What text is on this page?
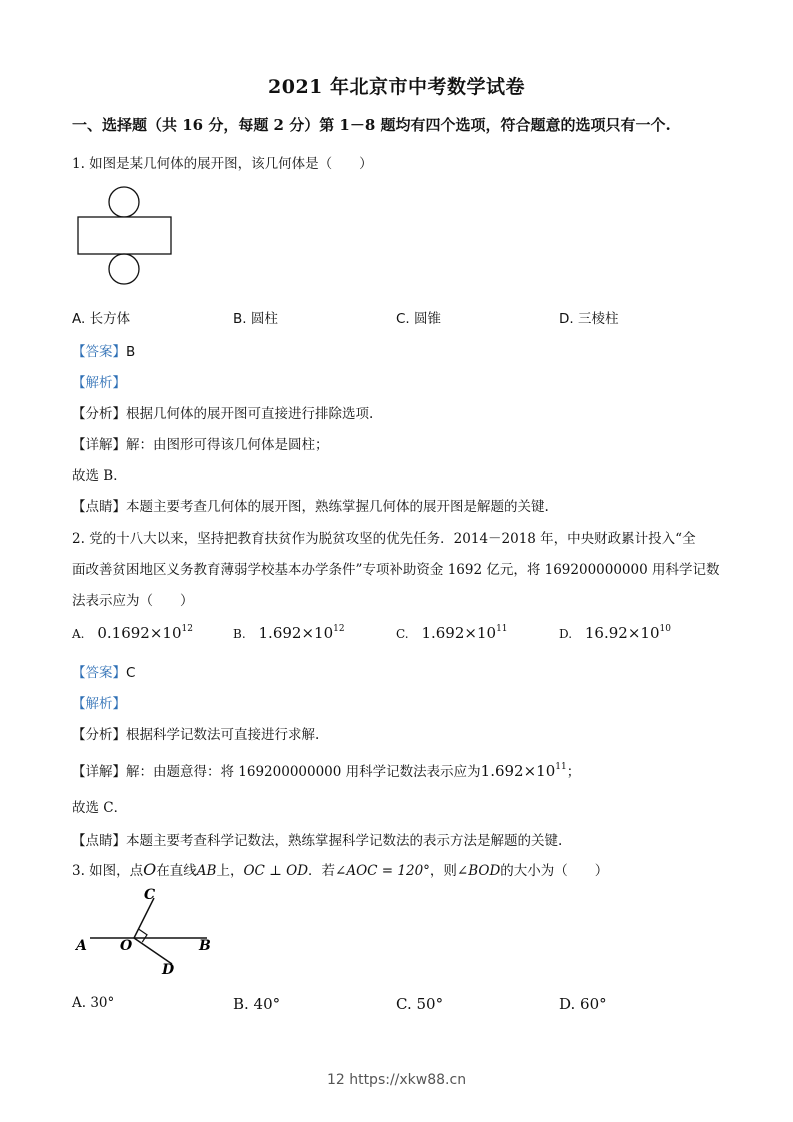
2021 年北京市中考数学试卷
一、选择题（共 16 分，每题 2 分）第 1－8 题均有四个选项，符合题意的选项只有一个.
1. 如图是某几何体的展开图，该几何体是（　　）
A. 长方体	B. 圆柱	C. 圆锥	D. 三棱柱
【答案】B
【解析】
【分析】根据几何体的展开图可直接进行排除选项.
【详解】解：由图形可得该几何体是圆柱；
故选 B．
【点睛】本题主要考查几何体的展开图，熟练掌握几何体的展开图是解题的关键.
2. 党的十八大以来，坚持把教育扶贫作为脱贫攻坚的优先任务．2014－2018 年，中央财政累计投入“全
面改善贫困地区义务教育薄弱学校基本办学条件”专项补助资金 1692 亿元，将 169200000000 用科学记数
法表示应为（　　）
A. $0.1692\times 10^{12}$	B. $1.692\times 10^{12}$	C. $1.692\times 10^{11}$	D. $16.92\times 10^{10}$
【答案】C
【解析】
【分析】根据科学记数法可直接进行求解.
【详解】解：由题意得：将 169200000000 用科学记数法表示应为$1.692\times 10^{11}$；
故选 C．
【点睛】本题主要考查科学记数法，熟练掌握科学记数法的表示方法是解题的关键.
3. 如图，点O在直线AB上，OC ⊥ OD．若∠AOC = 120°，则∠BOD的大小为（　　）
C
A O	B
D
A. 30°	B. 40°	C. 50°	D. 60°
12 https://xkw88.cn
